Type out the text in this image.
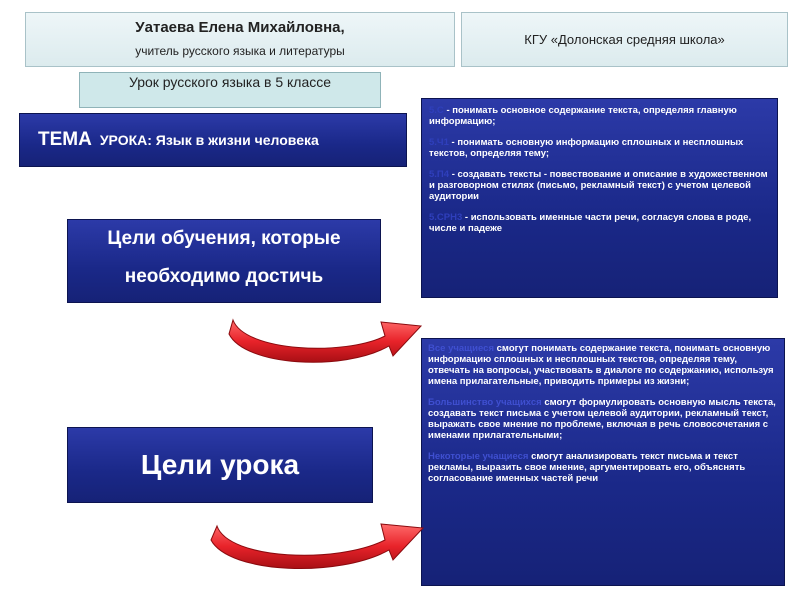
Уатаева Елена Михайловна,
учитель русского языка и литературы
КГУ «Долонская средняя школа»
Урок русского языка в 5 классе
ТЕМА УРОКА: Язык в жизни человека
Цели обучения, которые
необходимо достичь
Цели урока
5.С - понимать основное содержание текста, определяя главную информацию;
5.Ч1 - понимать основную информацию сплошных и несплошных текстов, определяя тему;
5.П4 - создавать тексты - повествование и описание в художественном и разговорном стилях (письмо, рекламный текст) с учетом целевой аудитории
5.СРН3 - использовать именные части речи, согласуя слова в роде, числе и падеже
Все учащиеся смогут понимать содержание текста, понимать основную информацию сплошных и несплошных текстов, определяя тему, отвечать на вопросы, участвовать в диалоге по содержанию, используя имена прилагательные, приводить примеры из жизни;
Большинство учащихся смогут формулировать основную мысль текста, создавать текст письма с учетом целевой аудитории, рекламный текст, выражать свое мнение по проблеме, включая в речь словосочетания с именами прилагательными;
Некоторые учащиеся смогут анализировать текст письма и текст рекламы, выразить свое мнение, аргументировать его, объяснять согласование именных частей речи
